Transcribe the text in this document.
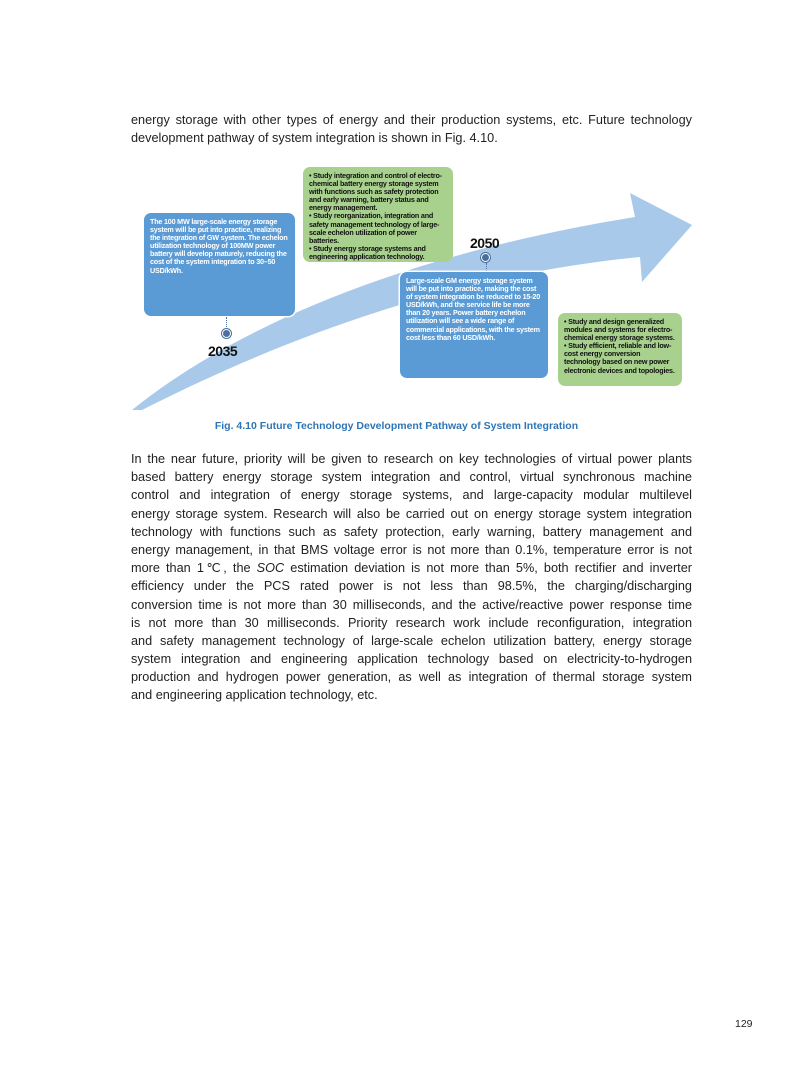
energy storage with other types of energy and their production systems, etc. Future technology
development pathway of system integration is shown in Fig. 4.10.
The 100 MW large-scale energy storage system will be put into practice, realizing the integration of GW system. The echelon utilization technology of 100MW power battery will develop maturely, reducing the cost of the system integration to 30–50 USD/kWh.
2035
• Study integration and control of electro-chemical battery energy storage system with functions such as safety protection and early warning, battery status and energy management.
• Study reorganization, integration and safety management technology of large-scale echelon utilization of power batteries.
• Study energy storage systems and engineering application technology.
2050
Large-scale GM energy storage system will be put into practice, making the cost of system integration be reduced to 15-20 USD/kWh, and the service life be more than 20 years. Power battery echelon utilization will see a wide range of commercial applications, with the system cost less than 60 USD/kWh.
• Study and design generalized modules and systems for electro-chemical energy storage systems.
• Study efficient, reliable and low-cost energy conversion technology based on new power electronic devices and topologies.
Fig. 4.10 Future Technology Development Pathway of System Integration
In the near future, priority will be given to research on key technologies of virtual power plants
based battery energy storage system integration and control, virtual synchronous machine
control and integration of energy storage systems, and large-capacity modular multilevel
energy storage system. Research will also be carried out on energy storage system integration
technology with functions such as safety protection, early warning, battery management and
energy management, in that BMS voltage error is not more than 0.1%, temperature error is not
more than 1℃, the SOC estimation deviation is not more than 5%, both rectifier and inverter
efficiency under the PCS rated power is not less than 98.5%, the charging/discharging
conversion time is not more than 30 milliseconds, and the active/reactive power response time
is not more than 30 milliseconds. Priority research work include reconfiguration, integration
and safety management technology of large-scale echelon utilization battery, energy storage
system integration and engineering application technology based on electricity-to-hydrogen
production and hydrogen power generation, as well as integration of thermal storage system
and engineering application technology, etc.
129
